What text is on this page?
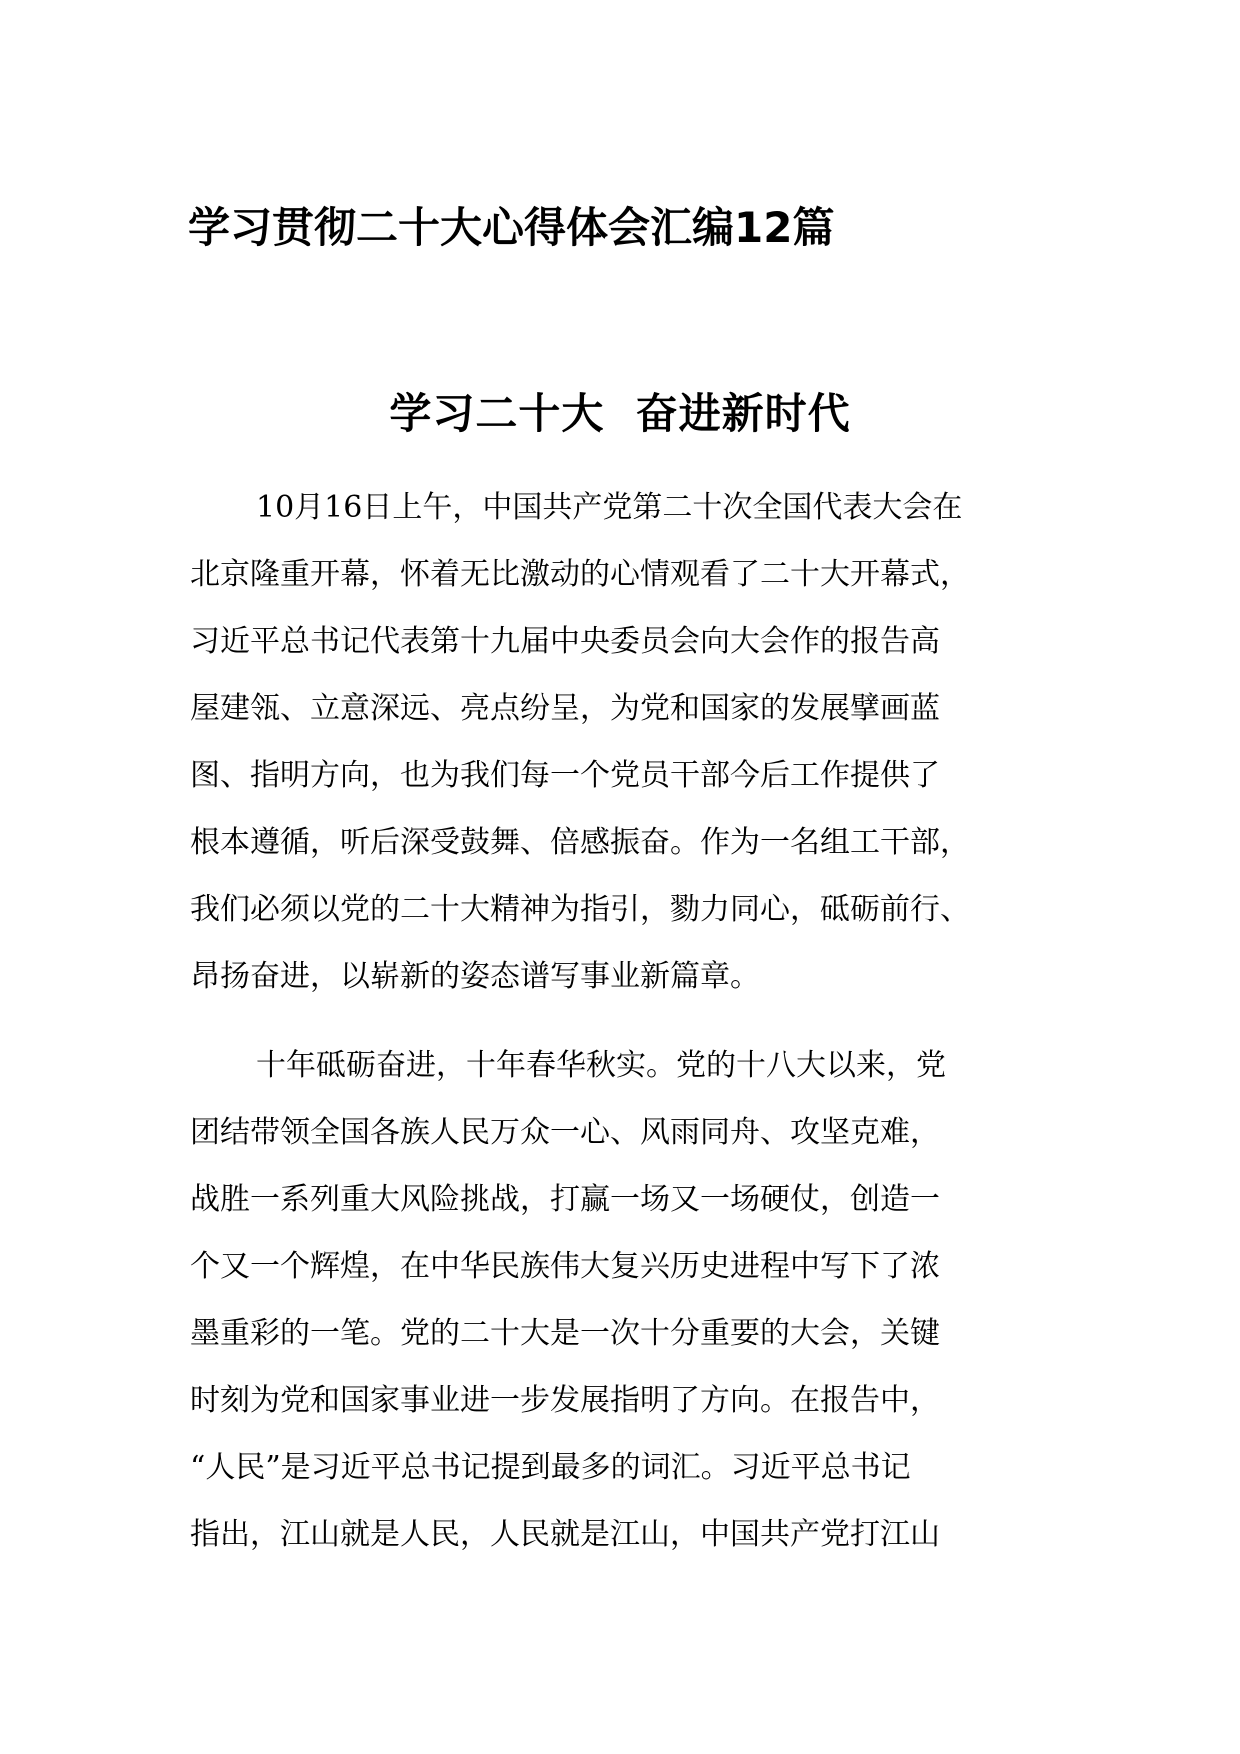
学习贯彻二十大心得体会汇编12篇
学习二十大  奋进新时代

10月16日上午，中国共产党第二十次全国代表大会在
北京隆重开幕，怀着无比激动的心情观看了二十大开幕式，
习近平总书记代表第十九届中央委员会向大会作的报告高
屋建瓴、立意深远、亮点纷呈，为党和国家的发展擘画蓝
图、指明方向，也为我们每一个党员干部今后工作提供了
根本遵循，听后深受鼓舞、倍感振奋。作为一名组工干部，
我们必须以党的二十大精神为指引，勠力同心，砥砺前行、
昂扬奋进，以崭新的姿态谱写事业新篇章。

十年砥砺奋进，十年春华秋实。党的十八大以来，党
团结带领全国各族人民万众一心、风雨同舟、攻坚克难，
战胜一系列重大风险挑战，打赢一场又一场硬仗，创造一
个又一个辉煌，在中华民族伟大复兴历史进程中写下了浓
墨重彩的一笔。党的二十大是一次十分重要的大会，关键
时刻为党和国家事业进一步发展指明了方向。在报告中，
“人民”是习近平总书记提到最多的词汇。习近平总书记
指出，江山就是人民，人民就是江山，中国共产党打江山
